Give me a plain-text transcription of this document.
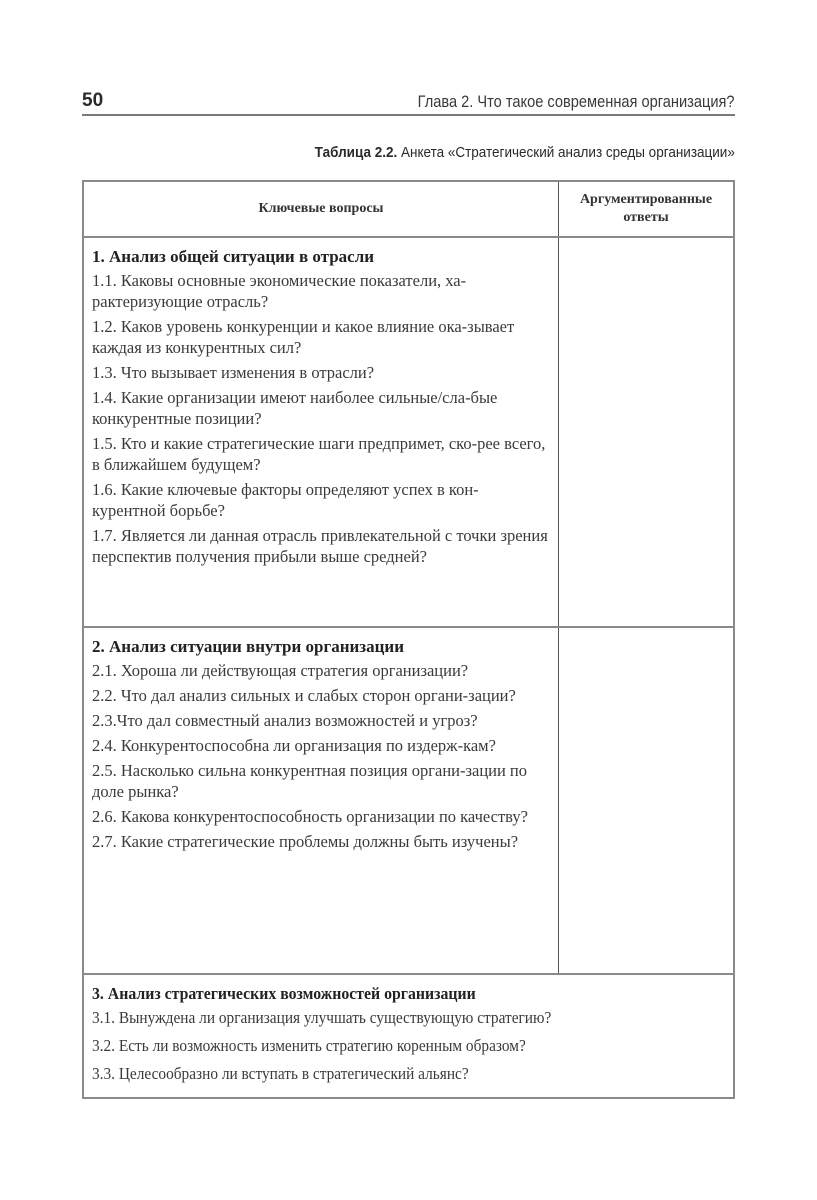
50	Глава 2. Что такое современная организация?
Таблица 2.2. Анкета «Стратегический анализ среды организации»
Ключевые вопросы
Аргументированные ответы
1. Анализ общей ситуации в отрасли
1.1. Каковы основные экономические показатели, ха-рактеризующие отрасль?
1.2. Каков уровень конкуренции и какое влияние ока-зывает каждая из конкурентных сил?
1.3. Что вызывает изменения в отрасли?
1.4. Какие организации имеют наиболее сильные/сла-бые конкурентные позиции?
1.5. Кто и какие стратегические шаги предпримет, ско-рее всего, в ближайшем будущем?
1.6. Какие ключевые факторы определяют успех в кон-курентной борьбе?
1.7. Является ли данная отрасль привлекательной с точки зрения перспектив получения прибыли выше средней?
2. Анализ ситуации внутри организации
2.1. Хороша ли действующая стратегия организации?
2.2. Что дал анализ сильных и слабых сторон органи-зации?
2.3.Что дал совместный анализ возможностей и угроз?
2.4. Конкурентоспособна ли организация по издерж-кам?
2.5. Насколько сильна конкурентная позиция органи-зации по доле рынка?
2.6. Какова конкурентоспособность организации по качеству?
2.7. Какие стратегические проблемы должны быть изучены?
3. Анализ стратегических возможностей организации
3.1. Вынуждена ли организация улучшать существующую стратегию?
3.2. Есть ли возможность изменить стратегию коренным образом?
3.3. Целесообразно ли вступать в стратегический альянс?
